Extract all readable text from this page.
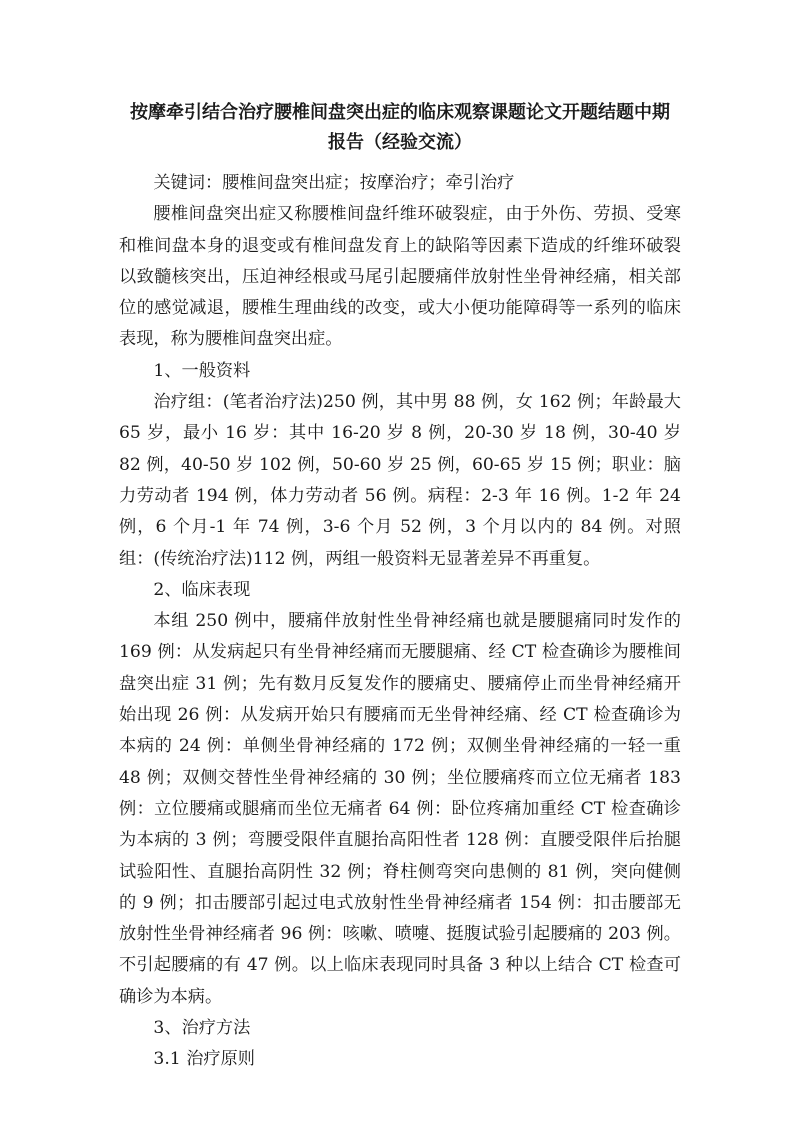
按摩牵引结合治疗腰椎间盘突出症的临床观察课题论文开题结题中期报告（经验交流）

关键词：腰椎间盘突出症；按摩治疗；牵引治疗

腰椎间盘突出症又称腰椎间盘纤维环破裂症，由于外伤、劳损、受寒和椎间盘本身的退变或有椎间盘发育上的缺陷等因素下造成的纤维环破裂以致髓核突出，压迫神经根或马尾引起腰痛伴放射性坐骨神经痛，相关部位的感觉减退，腰椎生理曲线的改变，或大小便功能障碍等一系列的临床表现，称为腰椎间盘突出症。

1、一般资料

治疗组：(笔者治疗法)250 例，其中男 88 例，女 162 例；年龄最大 65 岁，最小 16 岁：其中 16-20 岁 8 例，20-30 岁 18 例，30-40 岁 82 例，40-50 岁 102 例，50-60 岁 25 例，60-65 岁 15 例；职业：脑力劳动者 194 例，体力劳动者 56 例。病程：2-3 年 16 例。1-2 年 24 例，6 个月-1 年 74 例，3-6 个月 52 例，3 个月以内的 84 例。对照组：(传统治疗法)112 例，两组一般资料无显著差异不再重复。

2、临床表现

本组 250 例中，腰痛伴放射性坐骨神经痛也就是腰腿痛同时发作的 169 例：从发病起只有坐骨神经痛而无腰腿痛、经 CT 检查确诊为腰椎间盘突出症 31 例；先有数月反复发作的腰痛史、腰痛停止而坐骨神经痛开始出现 26 例：从发病开始只有腰痛而无坐骨神经痛、经 CT 检查确诊为本病的 24 例：单侧坐骨神经痛的 172 例；双侧坐骨神经痛的一轻一重 48 例；双侧交替性坐骨神经痛的 30 例；坐位腰痛疼而立位无痛者 183 例：立位腰痛或腿痛而坐位无痛者 64 例：卧位疼痛加重经 CT 检查确诊为本病的 3 例；弯腰受限伴直腿抬高阳性者 128 例：直腰受限伴后抬腿试验阳性、直腿抬高阴性 32 例；脊柱侧弯突向患侧的 81 例，突向健侧的 9 例；扣击腰部引起过电式放射性坐骨神经痛者 154 例：扣击腰部无放射性坐骨神经痛者 96 例：咳嗽、喷嚏、挺腹试验引起腰痛的 203 例。不引起腰痛的有 47 例。以上临床表现同时具备 3 种以上结合 CT 检查可确诊为本病。

3、治疗方法

3.1 治疗原则
